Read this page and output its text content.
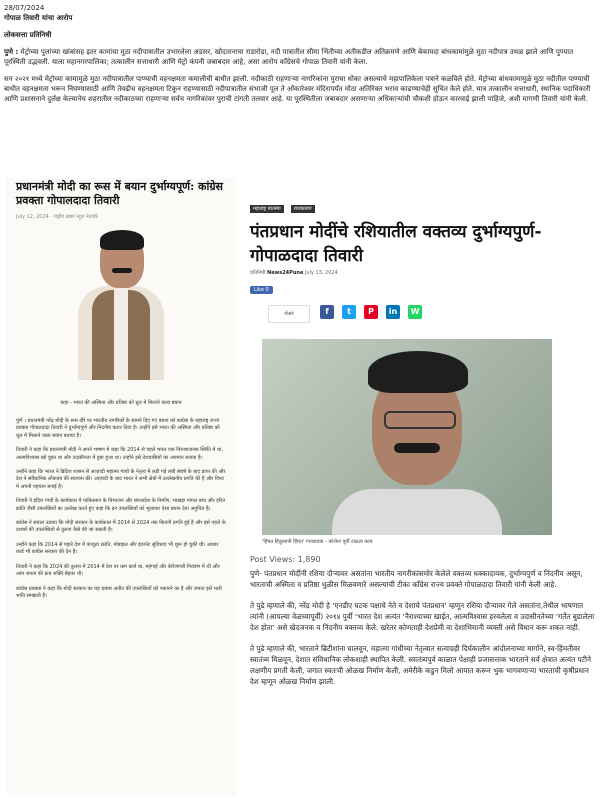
28/07/2024
गोपाळ तिवारी यांचा आरोप
लोकसत्ता प्रतिनिधी
पुणे : मेट्रोच्या पुलांच्या खांबांसह इतर कामांचा मुठा नदीपात्रातील उभारलेला अडसर, खोदतानाचा राडारोडा, नदी पात्रातील सीमा भिंतीच्या अतीकडील अतिक्रमणे आणि बेकायदा बांधकामांमुळे मुठा नदीपात्र उथळ झाले आणि पुण्यात पूरस्थिती उद्भवली. याला महानगरपालिका; तत्कालीन सत्ताधारी आणि मेट्रो कंपनी जबाबदार आहे, असा आरोप काँग्रेसचे गोपाळ तिवारी यांनी केला.
सन २०२१ मध्ये मेट्रोच्या कामामुळे मुठा नदीपात्रातील पाण्याची वहनक्षमता कमालीची बाधीत झाली. नदीकाठी राहणाऱ्या नागरिकांना पुराचा धोका असल्याचे महापालिकेला पत्राने कळविले होते. मेट्रोच्या बांधकामामुळे मुठा नदीतील पाण्याची बाधीत वहनक्षमता भरून निघण्यासाठी आणि तेवढीच वहनक्षमता टिकून राहण्यासाठी नदीपात्रातील संभाजी पूल ते ओंकारेश्वर मंदिरापर्यंत मोठा अतिरिक्त भराव काढण्याचेही सुचित केले होते. मात्र तत्कालीन सत्ताधारी, स्थानिक पदाधिकारी आणि प्रशासनाने दुर्लक्ष केल्यानेच शहरातील नदीकाठच्या राहणाऱ्या सर्वच नागरिकांवर पुराची टांगती तलवार आहे. या पूरस्थितीला जबाबदार असणाऱ्या अधिकाऱ्यांची चौकशी होऊन कारवाई झाली पाहिजे, अशी मागणी तिवारी यांनी केली.
प्रधानमंत्री मोदी का रूस में बयान दुर्भाग्यपूर्ण: कांग्रेस प्रवक्ता गोपालदादा तिवारी
July 12, 2024 · राष्ट्रीय ख़बर न्यूज़ नेटवर्क
कहा - भारत की अस्मिता और प्रतिष्ठा को धूल में मिलाने वाला बयान

पुणे । प्रधानमंत्री नरेंद्र मोदी के रूस दौरे पर भारतीय नागरिकों के सामने दिए गए बयान को कांग्रेस के महाराष्ट्र राज्य प्रवक्ता गोपालदादा तिवारी ने दुर्भाग्यपूर्ण और निंदनीय करार दिया है। उन्होंने इसे भारत की अस्मिता और प्रतिष्ठा को धूल में मिलाने वाला बयान बताया है।

तिवारी ने कहा कि प्रधानमंत्री मोदी ने अपने भाषण में कहा कि 2014 से पहले भारत एक निराशाजनक स्थिति में था, आत्मविश्वास खो चुका था और उदासीनता में डूबा हुआ था। उन्होंने इसे देशवासियों का अपमान बताया है।

उन्होंने कहा कि भारत ने ब्रिटिश शासन से आज़ादी महात्मा गांधी के नेतृत्व में लड़ी गई लंबी संघर्ष के बाद प्राप्त की और देश ने संवैधानिक लोकतंत्र की स्थापना की। आज़ादी के बाद भारत ने सभी क्षेत्रों में उल्लेखनीय प्रगति की है और विश्व में अपनी पहचान बनाई है।

तिवारी ने इंदिरा गांधी के कार्यकाल में पाकिस्तान के विभाजन और बांग्लादेश के निर्माण, भाखड़ा नांगल बांध और हरित क्रांति जैसी उपलब्धियों का उल्लेख करते हुए कहा कि इन उपलब्धियों को भुलाकर ऐसा बयान देना अनुचित है।

कांग्रेस ने सवाल उठाया कि मोदी सरकार के कार्यकाल में 2014 से 2024 तक कितनी प्रगति हुई है और इसे पहले के दशकों की उपलब्धियों से तुलना कैसे की जा सकती है।

उन्होंने कहा कि 2014 से पहले देश में कंप्यूटर क्रांति, मोबाइल और इंटरनेट सुविधाएं भी शुरू हो चुकी थीं। आधार कार्ड भी कांग्रेस सरकार की देन है।

तिवारी ने कहा कि 2024 की तुलना में 2014 में देश पर कम कर्ज था, महंगाई और बेरोजगारी नियंत्रण में थी और आम जनता की क्रय शक्ति बेहतर थी।

कांग्रेस प्रवक्ता ने कहा कि मोदी सरकार का यह प्रयास अतीत की उपलब्धियों को नकारने का है और जनता इसे भली भांति समझती है।

महाराष्ट्र बातम्या	राजकारण
पंतप्रधान मोदींचे रशियातील वक्तव्य दुर्भाग्यपुर्ण- गोपाळदादा तिवारी
प्रतिनिधी News24Pune July 13, 2024
Like 0
शेअर	f	t	P	in	W
'हिंमत हिंदुस्तानी हिंमत' गायकवाड - कोरोना पूर्वी टाळता काय
Post Views: 1,890

पुणे- पंतप्रधान मोदींनी रशिया दौऱ्यावर असतांना भारतीय नागरीकांसमोर केलेले वक्तव्य धक्कादायक, दुर्भाग्यपुर्ण व निंदनीय असून, भारताची अस्मिता व प्रतिष्ठा धुळीस मिळवणारे असल्याची टीका कॉंग्रेस राज्य प्रवक्ते गोपाळदादा तिवारी यांनी केली आहे.

ते पुढे म्हणाले की, नरेंद्र मोदी हे ‘एनडीए घटक पक्षाचे नेते व देशाचे पंतप्रधान' म्हणून रशिया दौऱ्यावर गेले असतांना,तेथील भाषणात त्यांनी (आपल्या वेळच्यापूर्वी) २०१४ पुर्वी ‘भारत देश अत्यंत ‘नैराश्याच्या खाईत, आत्मविश्वास हरवलेला व उदासीनतेच्या ‘गर्तेत बुडालेला देश होता' असे खेदजनक व निंदनीय वक्तव्य केले. खरेतर कोणताही देशप्रेमी वा देशाभिमानी व्यक्ती असे विधान करू शकत नाही.

ते पुढे म्हणाले की, भारताने ब्रिटीशांना घालवून, महात्मा गांधीच्या नेतृत्वात सत्याग्रही दिर्घकालीन आंदोलनाच्या मार्गाने, स्व-हिंमतीवर स्वातंत्र्य मिळवून, देशात संविधानिक लोकशाही स्थापित केली. स्वातंत्र्यपुर्व काळात पेक्षाही प्रजासत्ताक भारताने सर्व क्षेत्रात अत्यंत पटीने लक्षणीय प्रगती केली, जगात स्वतःची ओळख निर्माण केली, अमेरीके कडुन मिलो आयात करून भुक भागवणाऱ्या भारताची कृषीप्रधान देश म्हणून ओळख निर्माण झाली.
